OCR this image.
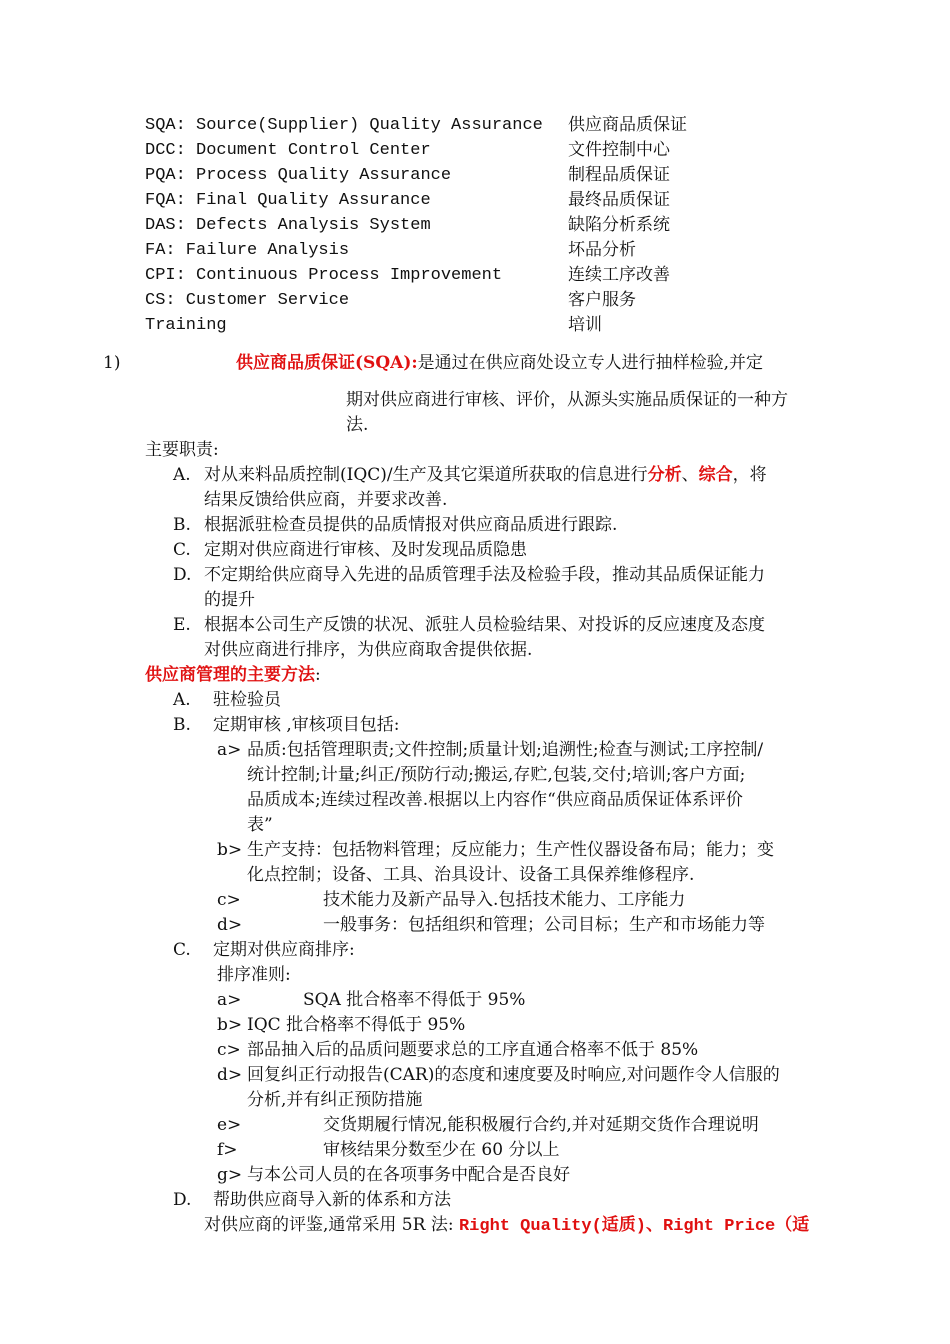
SQA: Source(Supplier) Quality Assurance 供应商品质保证
DCC: Document Control Center	文件控制中心
PQA: Process Quality Assurance	制程品质保证
FQA: Final Quality Assurance	最终品质保证
DAS: Defects Analysis System	缺陷分析系统
FA: Failure Analysis	坏品分析
CPI: Continuous Process Improvement	连续工序改善
CS: Customer Service	客户服务
Training	培训
1)	供应商品质保证(SQA):是通过在供应商处设立专人进行抽样检验,并定
期对供应商进行审核、评价，从源头实施品质保证的一种方
法.
主要职责:
A. 对从来料品质控制(IQC)/生产及其它渠道所获取的信息进行分析、综合，将
结果反馈给供应商，并要求改善.
B. 根据派驻检查员提供的品质情报对供应商品质进行跟踪.
C. 定期对供应商进行审核、及时发现品质隐患
D. 不定期给供应商导入先进的品质管理手法及检验手段，推动其品质保证能力
的提升
E. 根据本公司生产反馈的状况、派驻人员检验结果、对投诉的反应速度及态度
对供应商进行排序，为供应商取舍提供依据.
供应商管理的主要方法:
A. 驻检验员
B. 定期审核 ,审核项目包括:
a> 品质:包括管理职责;文件控制;质量计划;追溯性;检查与测试;工序控制/
统计控制;计量;纠正/预防行动;搬运,存贮,包装,交付;培训;客户方面;
品质成本;连续过程改善.根据以上内容作“供应商品质保证体系评价
表”
b> 生产支持：包括物料管理；反应能力；生产性仪器设备布局；能力；变
化点控制；设备、工具、治具设计、设备工具保养维修程序.
c>	技术能力及新产品导入.包括技术能力、工序能力
d>	一般事务：包括组织和管理；公司目标；生产和市场能力等
C. 定期对供应商排序:
排序准则:
a>	SQA 批合格率不得低于 95%
b> IQC 批合格率不得低于 95%
c> 部品抽入后的品质问题要求总的工序直通合格率不低于 85%
d> 回复纠正行动报告(CAR)的态度和速度要及时响应,对问题作令人信服的
分析,并有纠正预防措施
e>	交货期履行情况,能积极履行合约,并对延期交货作合理说明
f>	审核结果分数至少在 60 分以上
g> 与本公司人员的在各项事务中配合是否良好
D. 帮助供应商导入新的体系和方法
对供应商的评鉴,通常采用 5R 法: Right Quality(适质)、Right Price（适
